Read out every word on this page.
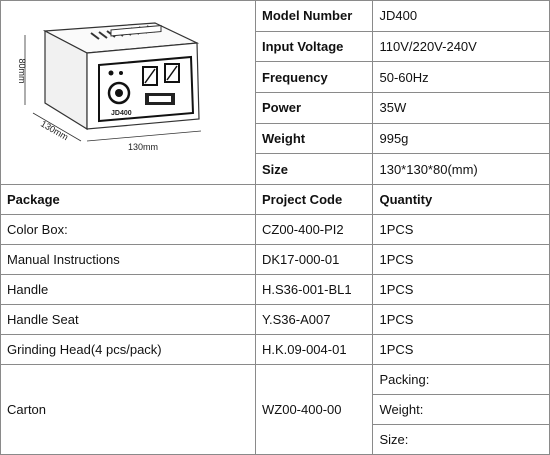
JD400
80mm
130mm
130mm	Model Number	JD400
	Input Voltage	110V/220V-240V
	Frequency	50-60Hz
	Power	35W
	Weight	995g
	Size	130*130*80(mm)
Package	Project Code	Quantity
Color Box:	CZ00-400-PI2	1PCS
Manual Instructions	DK17-000-01	1PCS
Handle	H.S36-001-BL1	1PCS
Handle Seat	Y.S36-A007	1PCS
Grinding Head(4 pcs/pack)	H.K.09-004-01	1PCS
Carton	WZ00-400-00	Packing:
Weight:
Size:
